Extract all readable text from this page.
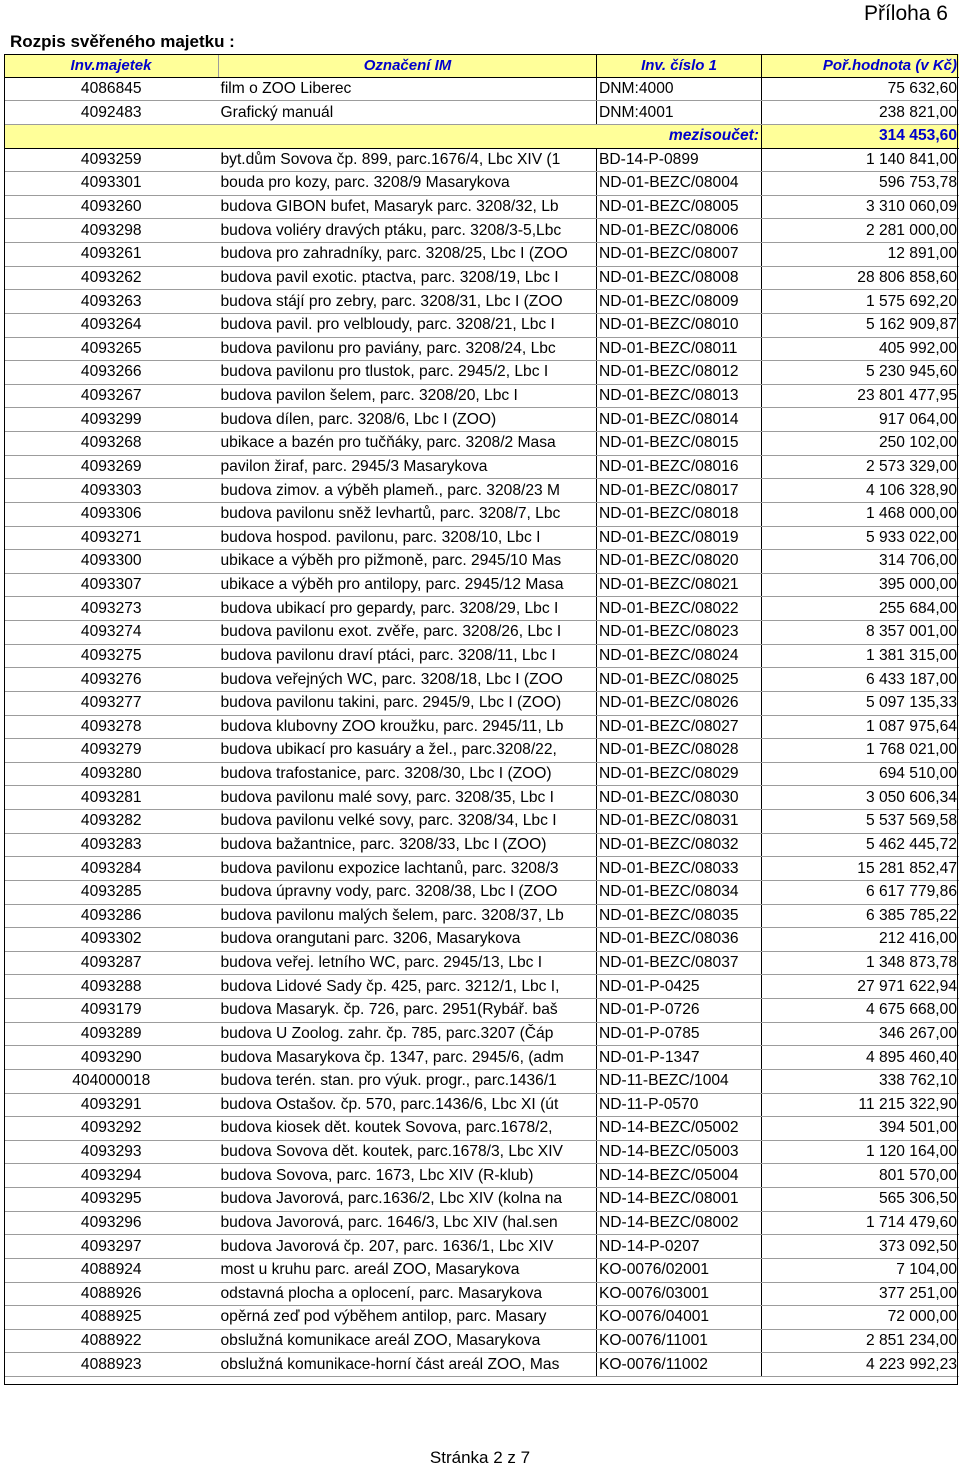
Příloha 6
Rozpis svěřeného majetku :
Inv.majetek	Označení IM	Inv. číslo 1	Poř.hodnota (v Kč)
4086845	film o ZOO Liberec	DNM:4000	75 632,60
4092483	Grafický manuál	DNM:4001	238 821,00
		mezisoučet:	314 453,60
4093259	byt.dům Sovova čp. 899, parc.1676/4, Lbc XIV (1	BD-14-P-0899	1 140 841,00
4093301	bouda pro kozy, parc. 3208/9 Masarykova	ND-01-BEZC/08004	596 753,78
4093260	budova GIBON bufet, Masaryk parc. 3208/32, Lb	ND-01-BEZC/08005	3 310 060,09
4093298	budova voliéry dravých ptáku, parc. 3208/3-5,Lbc	ND-01-BEZC/08006	2 281 000,00
4093261	budova pro zahradníky, parc. 3208/25, Lbc I (ZOO	ND-01-BEZC/08007	12 891,00
4093262	budova pavil exotic. ptactva, parc. 3208/19, Lbc I	ND-01-BEZC/08008	28 806 858,60
4093263	budova stájí pro zebry, parc. 3208/31, Lbc I (ZOO	ND-01-BEZC/08009	1 575 692,20
4093264	budova pavil. pro velbloudy, parc. 3208/21, Lbc I	ND-01-BEZC/08010	5 162 909,87
4093265	budova pavilonu pro paviány, parc. 3208/24, Lbc	ND-01-BEZC/08011	405 992,00
4093266	budova pavilonu pro tlustok, parc. 2945/2, Lbc I	ND-01-BEZC/08012	5 230 945,60
4093267	budova pavilon šelem, parc. 3208/20, Lbc I	ND-01-BEZC/08013	23 801 477,95
4093299	budova dílen, parc. 3208/6, Lbc I (ZOO)	ND-01-BEZC/08014	917 064,00
4093268	ubikace a bazén pro tučňáky, parc. 3208/2 Masa	ND-01-BEZC/08015	250 102,00
4093269	pavilon žiraf, parc. 2945/3 Masarykova	ND-01-BEZC/08016	2 573 329,00
4093303	budova zimov. a výběh plameň., parc. 3208/23 M	ND-01-BEZC/08017	4 106 328,90
4093306	budova pavilonu sněž levhartů, parc. 3208/7, Lbc	ND-01-BEZC/08018	1 468 000,00
4093271	budova hospod. pavilonu, parc. 3208/10, Lbc I	ND-01-BEZC/08019	5 933 022,00
4093300	ubikace a výběh pro pižmoně, parc. 2945/10 Mas	ND-01-BEZC/08020	314 706,00
4093307	ubikace a výběh pro antilopy, parc. 2945/12 Masa	ND-01-BEZC/08021	395 000,00
4093273	budova ubikací pro gepardy, parc. 3208/29, Lbc I	ND-01-BEZC/08022	255 684,00
4093274	budova pavilonu exot. zvěře, parc. 3208/26, Lbc I	ND-01-BEZC/08023	8 357 001,00
4093275	budova pavilonu draví ptáci, parc. 3208/11, Lbc I	ND-01-BEZC/08024	1 381 315,00
4093276	budova veřejných WC, parc. 3208/18, Lbc I (ZOO	ND-01-BEZC/08025	6 433 187,00
4093277	budova pavilonu takini, parc. 2945/9, Lbc I (ZOO)	ND-01-BEZC/08026	5 097 135,33
4093278	budova klubovny ZOO kroužku, parc. 2945/11, Lb	ND-01-BEZC/08027	1 087 975,64
4093279	budova ubikací pro kasuáry a žel., parc.3208/22,	ND-01-BEZC/08028	1 768 021,00
4093280	budova trafostanice, parc. 3208/30, Lbc I (ZOO)	ND-01-BEZC/08029	694 510,00
4093281	budova pavilonu malé sovy, parc. 3208/35, Lbc I	ND-01-BEZC/08030	3 050 606,34
4093282	budova pavilonu velké sovy, parc. 3208/34, Lbc I	ND-01-BEZC/08031	5 537 569,58
4093283	budova bažantnice, parc. 3208/33, Lbc I (ZOO)	ND-01-BEZC/08032	5 462 445,72
4093284	budova pavilonu expozice lachtanů, parc. 3208/3	ND-01-BEZC/08033	15 281 852,47
4093285	budova úpravny vody, parc. 3208/38, Lbc I (ZOO	ND-01-BEZC/08034	6 617 779,86
4093286	budova pavilonu malých šelem, parc. 3208/37, Lb	ND-01-BEZC/08035	6 385 785,22
4093302	budova orangutani parc. 3206, Masarykova	ND-01-BEZC/08036	212 416,00
4093287	budova veřej. letního WC, parc. 2945/13, Lbc I	ND-01-BEZC/08037	1 348 873,78
4093288	budova Lidové Sady čp. 425, parc. 3212/1, Lbc I,	ND-01-P-0425	27 971 622,94
4093179	budova Masaryk. čp. 726, parc. 2951(Rybář. baš	ND-01-P-0726	4 675 668,00
4093289	budova U Zoolog. zahr. čp. 785, parc.3207 (Čáp	ND-01-P-0785	346 267,00
4093290	budova Masarykova čp. 1347, parc. 2945/6, (adm	ND-01-P-1347	4 895 460,40
404000018	budova terén. stan. pro výuk. progr., parc.1436/1	ND-11-BEZC/1004	338 762,10
4093291	budova Ostašov. čp. 570, parc.1436/6, Lbc XI (út	ND-11-P-0570	11 215 322,90
4093292	budova kiosek dět. koutek Sovova, parc.1678/2,	ND-14-BEZC/05002	394 501,00
4093293	budova Sovova dět. koutek, parc.1678/3, Lbc XIV	ND-14-BEZC/05003	1 120 164,00
4093294	budova Sovova, parc. 1673, Lbc XIV (R-klub)	ND-14-BEZC/05004	801 570,00
4093295	budova Javorová, parc.1636/2, Lbc XIV (kolna na	ND-14-BEZC/08001	565 306,50
4093296	budova Javorová, parc. 1646/3, Lbc XIV (hal.sen	ND-14-BEZC/08002	1 714 479,60
4093297	budova Javorová čp. 207, parc. 1636/1, Lbc XIV	ND-14-P-0207	373 092,50
4088924	most u kruhu parc. areál ZOO, Masarykova	KO-0076/02001	7 104,00
4088926	odstavná plocha a oplocení, parc. Masarykova	KO-0076/03001	377 251,00
4088925	opěrná zeď pod výběhem antilop, parc. Masary	KO-0076/04001	72 000,00
4088922	obslužná komunikace areál ZOO, Masarykova	KO-0076/11001	2 851 234,00
4088923	obslužná komunikace-horní část areál ZOO, Mas	KO-0076/11002	4 223 992,23
Stránka 2 z 7
